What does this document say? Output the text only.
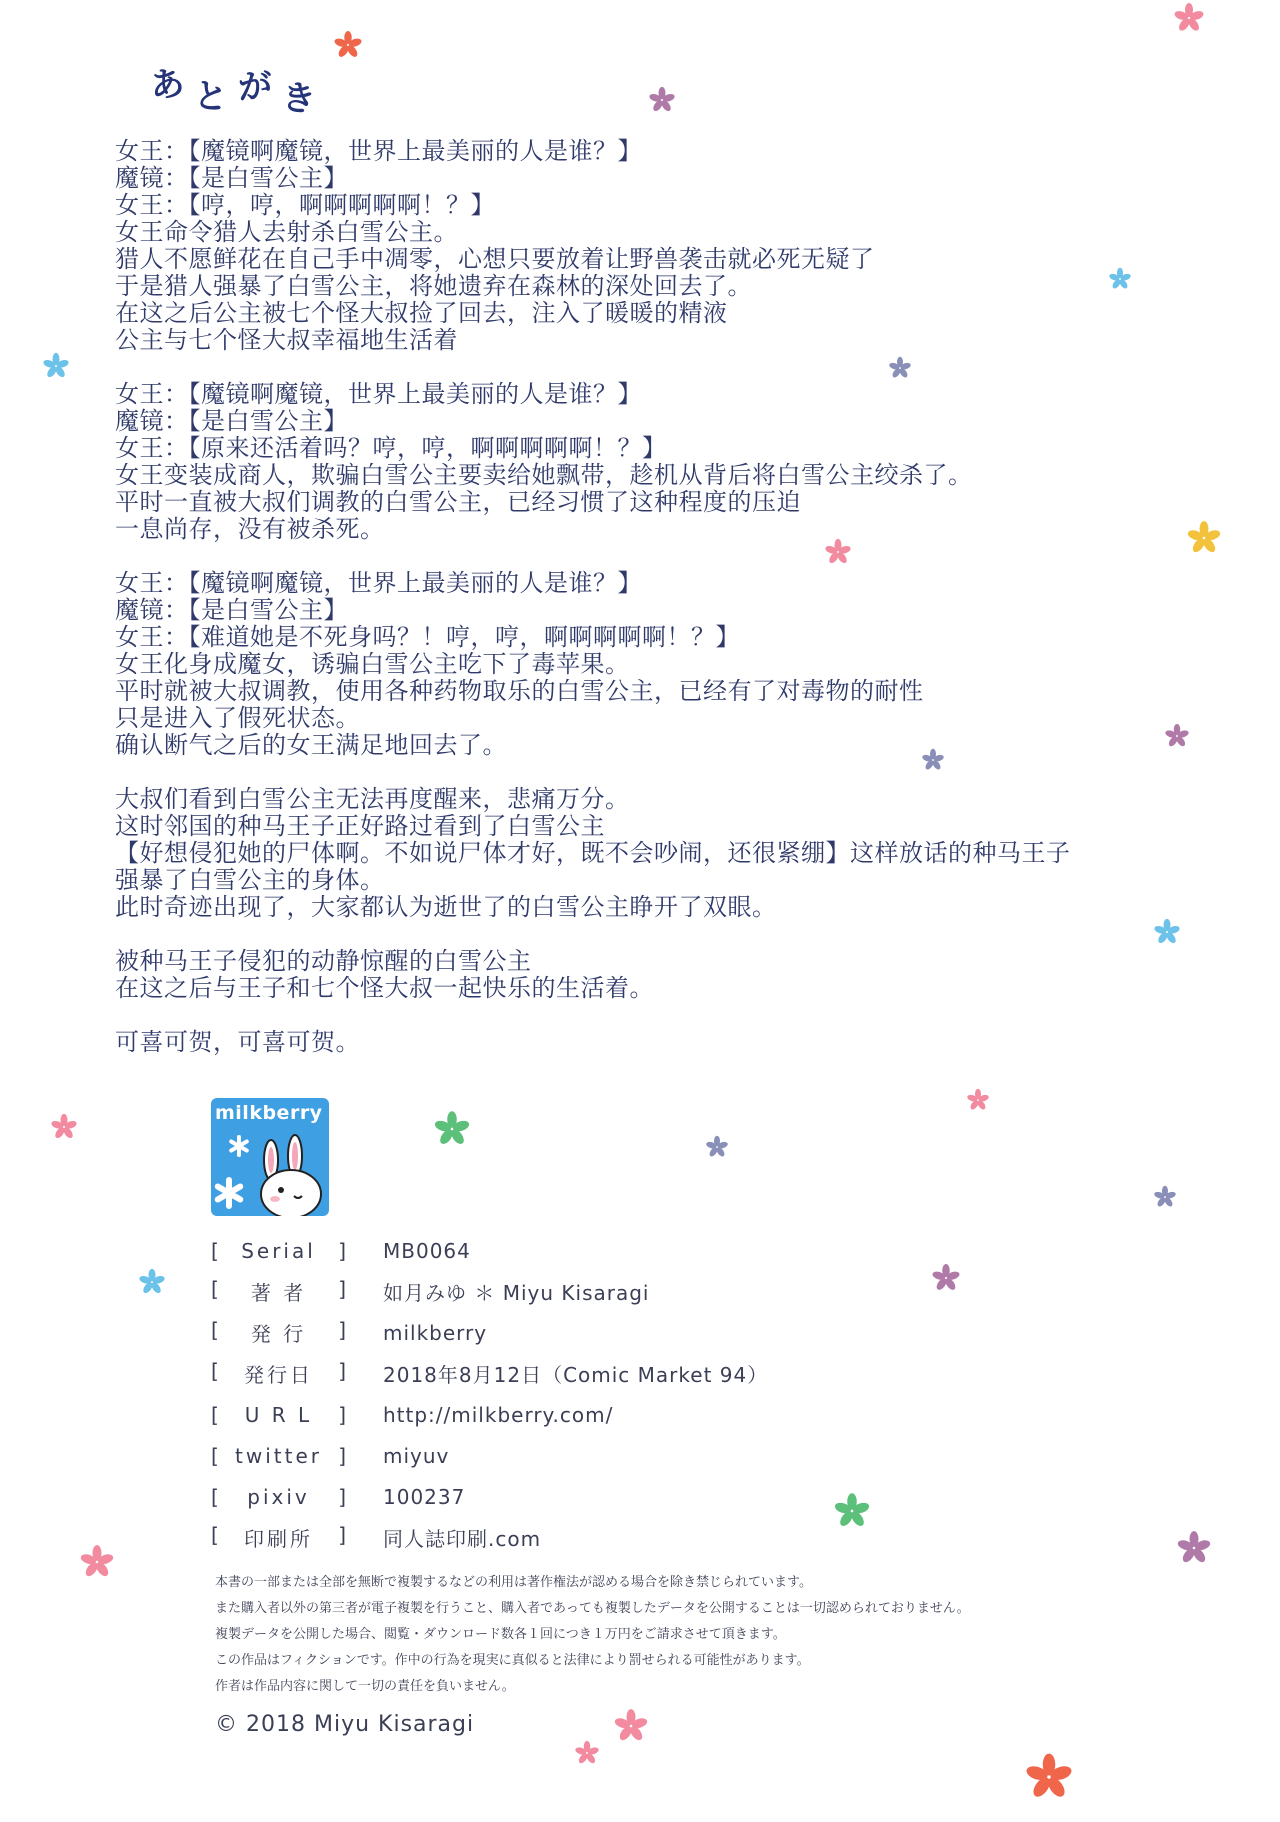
あ と が き
女王：【魔镜啊魔镜，世界上最美丽的人是谁？】
魔镜：【是白雪公主】
女王：【哼，哼，啊啊啊啊啊！？】
女王命令猎人去射杀白雪公主。
猎人不愿鲜花在自己手中凋零，心想只要放着让野兽袭击就必死无疑了
于是猎人强暴了白雪公主，将她遗弃在森林的深处回去了。
在这之后公主被七个怪大叔捡了回去，注入了暖暖的精液
公主与七个怪大叔幸福地生活着
女王：【魔镜啊魔镜，世界上最美丽的人是谁？】
魔镜：【是白雪公主】
女王：【原来还活着吗？哼，哼，啊啊啊啊啊！？】
女王变装成商人，欺骗白雪公主要卖给她飘带，趁机从背后将白雪公主绞杀了。
平时一直被大叔们调教的白雪公主，已经习惯了这种程度的压迫
一息尚存，没有被杀死。
女王：【魔镜啊魔镜，世界上最美丽的人是谁？】
魔镜：【是白雪公主】
女王：【难道她是不死身吗？！哼，哼，啊啊啊啊啊！？】
女王化身成魔女，诱骗白雪公主吃下了毒苹果。
平时就被大叔调教，使用各种药物取乐的白雪公主，已经有了对毒物的耐性
只是进入了假死状态。
确认断气之后的女王满足地回去了。
大叔们看到白雪公主无法再度醒来，悲痛万分。
这时邻国的种马王子正好路过看到了白雪公主
【好想侵犯她的尸体啊。不如说尸体才好，既不会吵闹，还很紧绷】这样放话的种马王子
强暴了白雪公主的身体。
此时奇迹出现了，大家都认为逝世了的白雪公主睁开了双眼。
被种马王子侵犯的动静惊醒的白雪公主
在这之后与王子和七个怪大叔一起快乐的生活着。
可喜可贺，可喜可贺。
milkberry
[	Serial	] MB0064
[	著 者	] 如月みゆ ＊ Miyu Kisaragi
[	発 行	] milkberry
[	発行日	] 2018年8月12日（Comic Market 94）
[	U R L	] http://milkberry.com/
[ twitter ] miyuv
[	pixiv	] 100237
[	印刷所	] 同人誌印刷.com
本書の一部または全部を無断で複製するなどの利用は著作権法が認める場合を除き禁じられています。
また購入者以外の第三者が電子複製を行うこと、購入者であっても複製したデータを公開することは一切認められておりません。
複製データを公開した場合、閲覧・ダウンロード数各１回につき１万円をご請求させて頂きます。
この作品はフィクションです。作中の行為を現実に真似ると法律により罰せられる可能性があります。
作者は作品内容に関して一切の責任を負いません。
© 2018 Miyu Kisaragi
